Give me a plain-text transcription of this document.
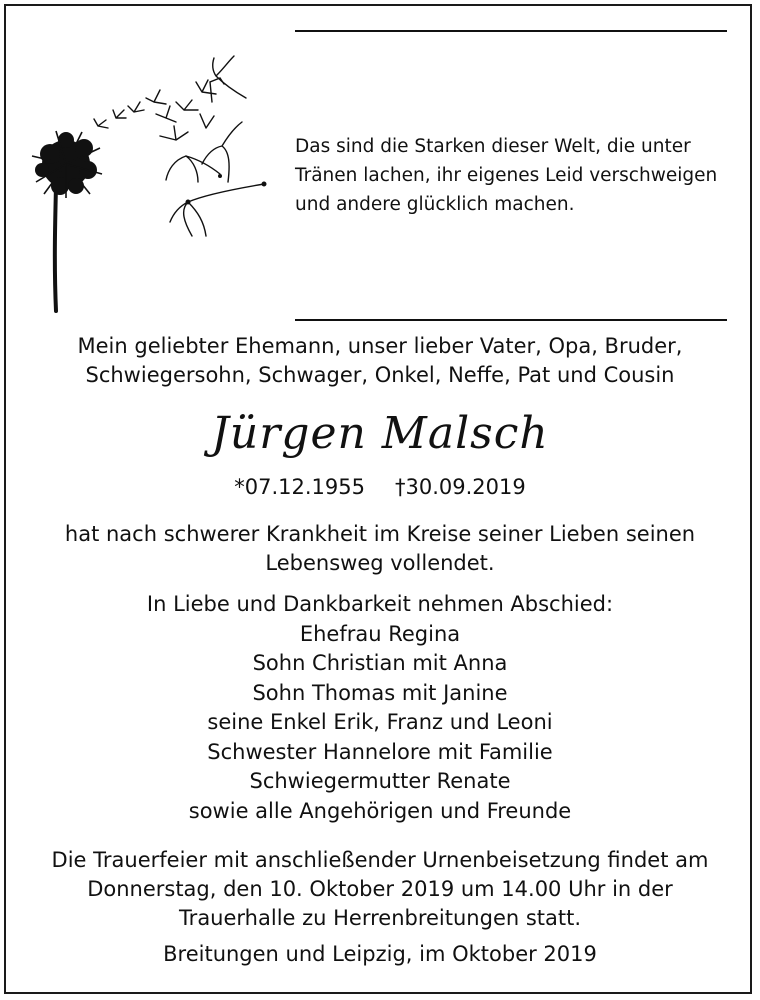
Das sind die Starken dieser Welt, die unter
Tränen lachen, ihr eigenes Leid verschweigen
und andere glücklich machen.
Mein geliebter Ehemann, unser lieber Vater, Opa, Bruder,
Schwiegersohn, Schwager, Onkel, Neffe, Pat und Cousin
Jürgen Malsch
*07.12.1955 †30.09.2019
hat nach schwerer Krankheit im Kreise seiner Lieben seinen
Lebensweg vollendet.
In Liebe und Dankbarkeit nehmen Abschied:
Ehefrau Regina
Sohn Christian mit Anna
Sohn Thomas mit Janine
seine Enkel Erik, Franz und Leoni
Schwester Hannelore mit Familie
Schwiegermutter Renate
sowie alle Angehörigen und Freunde
Die Trauerfeier mit anschließender Urnenbeisetzung findet am
Donnerstag, den 10. Oktober 2019 um 14.00 Uhr in der
Trauerhalle zu Herrenbreitungen statt.
Breitungen und Leipzig, im Oktober 2019
